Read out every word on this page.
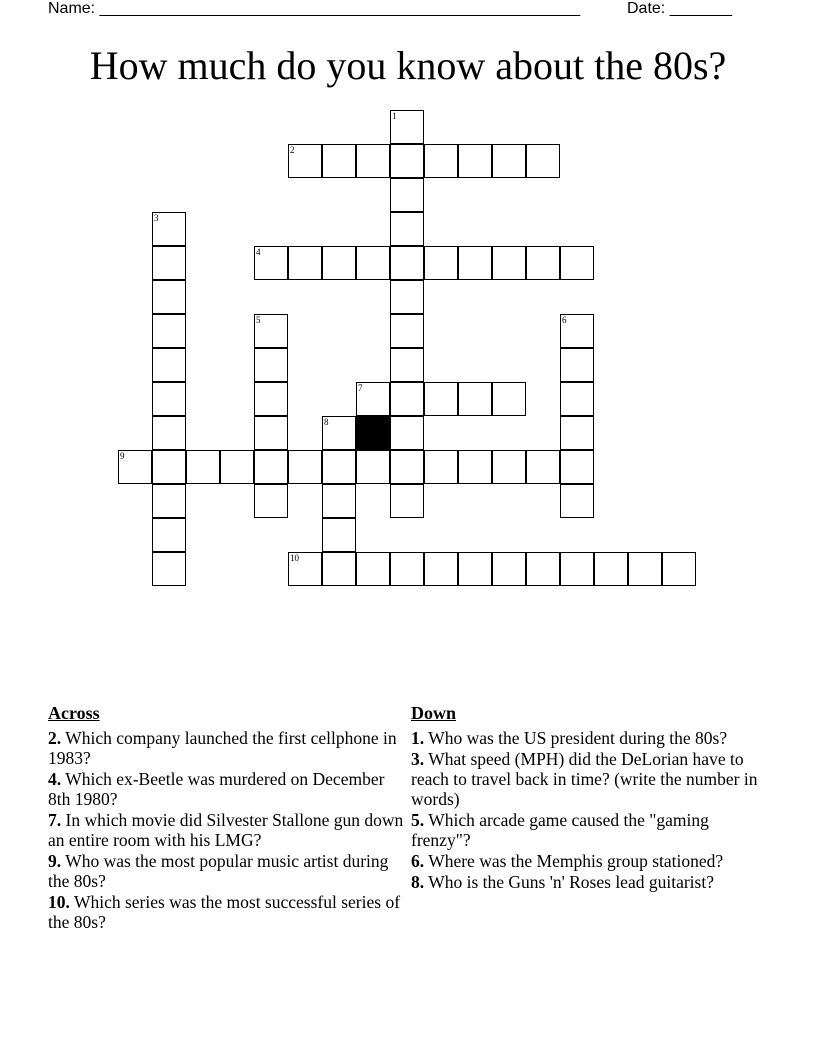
Name: ______________________________________________________

	Date: _______

How much do you know about the 80s?
1
2
3
4
5	6
7
8
9
10
Across
2. Which company launched the first cellphone in 1983?
4. Which ex-Beetle was murdered on December 8th 1980?
7. In which movie did Silvester Stallone gun down an entire room with his LMG?
9. Who was the most popular music artist during the 80s?
10. Which series was the most successful series of the 80s?
Down
1. Who was the US president during the 80s?
3. What speed (MPH) did the DeLorian have to reach to travel back in time? (write the number in words)
5. Which arcade game caused the "gaming frenzy"?
6. Where was the Memphis group stationed?
8. Who is the Guns 'n' Roses lead guitarist?
